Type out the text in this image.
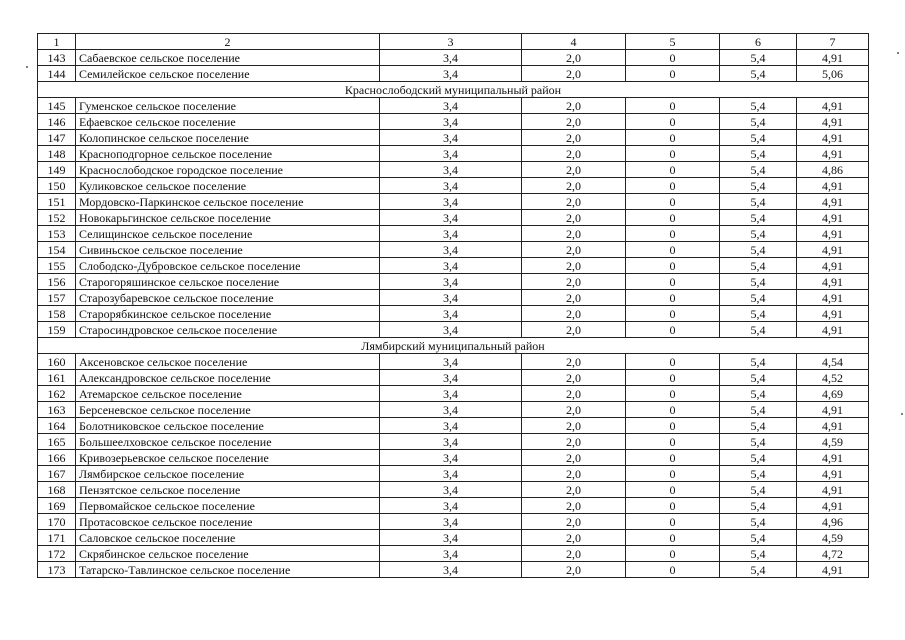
1	2	3	4	5	6	7
143	Сабаевское сельское поселение	3,4	2,0	0	5,4	4,91
144	Семилейское сельское поселение	3,4	2,0	0	5,4	5,06
Краснослободский муниципальный район						
145	Гуменское сельское поселение	3,4	2,0	0	5,4	4,91
146	Ефаевское сельское поселение	3,4	2,0	0	5,4	4,91
147	Колопинское сельское поселение	3,4	2,0	0	5,4	4,91
148	Красноподгорное сельское поселение	3,4	2,0	0	5,4	4,91
149	Краснослободское городское поселение	3,4	2,0	0	5,4	4,86
150	Куликовское сельское поселение	3,4	2,0	0	5,4	4,91
151	Мордовско-Паркинское сельское поселение	3,4	2,0	0	5,4	4,91
152	Новокарьгинское сельское поселение	3,4	2,0	0	5,4	4,91
153	Селищинское сельское поселение	3,4	2,0	0	5,4	4,91
154	Сивиньское сельское поселение	3,4	2,0	0	5,4	4,91
155	Слободско-Дубровское сельское поселение	3,4	2,0	0	5,4	4,91
156	Старогоряшинское сельское поселение	3,4	2,0	0	5,4	4,91
157	Старозубаревское сельское поселение	3,4	2,0	0	5,4	4,91
158	Старорябкинское сельское поселение	3,4	2,0	0	5,4	4,91
159	Старосиндровское сельское поселение	3,4	2,0	0	5,4	4,91
Лямбирский муниципальный район						
160	Аксеновское сельское поселение	3,4	2,0	0	5,4	4,54
161	Александровское сельское поселение	3,4	2,0	0	5,4	4,52
162	Атемарское сельское поселение	3,4	2,0	0	5,4	4,69
163	Берсеневское сельское поселение	3,4	2,0	0	5,4	4,91
164	Болотниковское сельское поселение	3,4	2,0	0	5,4	4,91
165	Большеелховское сельское поселение	3,4	2,0	0	5,4	4,59
166	Кривозерьевское сельское поселение	3,4	2,0	0	5,4	4,91
167	Лямбирское сельское поселение	3,4	2,0	0	5,4	4,91
168	Пензятское сельское поселение	3,4	2,0	0	5,4	4,91
169	Первомайское сельское поселение	3,4	2,0	0	5,4	4,91
170	Протасовское сельское поселение	3,4	2,0	0	5,4	4,96
171	Саловское сельское поселение	3,4	2,0	0	5,4	4,59
172	Скрябинское сельское поселение	3,4	2,0	0	5,4	4,72
173	Татарско-Тавлинское сельское поселение	3,4	2,0	0	5,4	4,91
